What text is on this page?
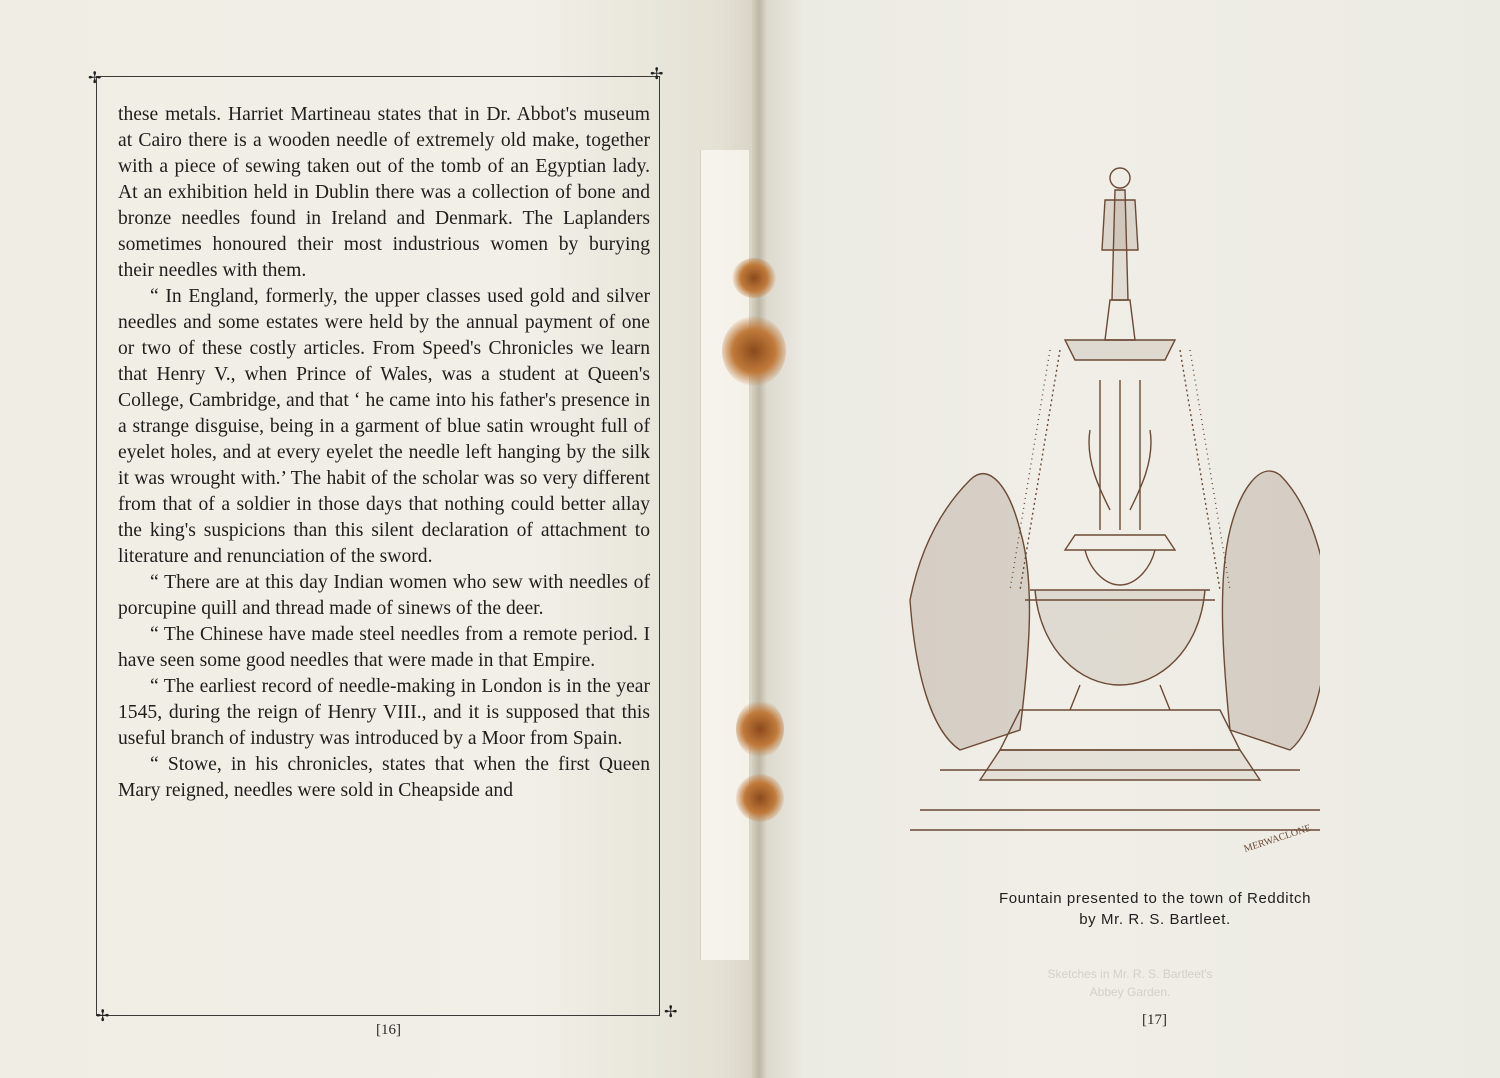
✢	✢
✢	✢

these metals. Harriet Martineau states that in Dr. Abbot's museum at Cairo there is a wooden needle of extremely old make, together with a piece of sewing taken out of the tomb of an Egyptian lady. At an exhibition held in Dublin there was a collection of bone and bronze needles found in Ireland and Denmark. The Laplanders sometimes honoured their most industrious women by burying their needles with them.

“ In England, formerly, the upper classes used gold and silver needles and some estates were held by the annual payment of one or two of these costly articles. From Speed's Chronicles we learn that Henry V., when Prince of Wales, was a student at Queen's College, Cambridge, and that ‘ he came into his father's presence in a strange disguise, being in a garment of blue satin wrought full of eyelet holes, and at every eyelet the needle left hanging by the silk it was wrought with.’ The habit of the scholar was so very different from that of a soldier in those days that nothing could better allay the king's suspicions than this silent declaration of attachment to literature and renunciation of the sword.

“ There are at this day Indian women who sew with needles of porcupine quill and thread made of sinews of the deer.

“ The Chinese have made steel needles from a remote period. I have seen some good needles that were made in that Empire.

“ The earliest record of needle-making in London is in the year 1545, during the reign of Henry VIII., and it is supposed that this useful branch of industry was introduced by a Moor from Spain.

“ Stowe, in his chronicles, states that when the first Queen Mary reigned, needles were sold in Cheapside and

[16]
[17]
Sketches in Mr. R. S. Bartleet's
Abbey Garden.
MERWACLONE
Fountain presented to the town of Redditch
by Mr. R. S. Bartleet.
